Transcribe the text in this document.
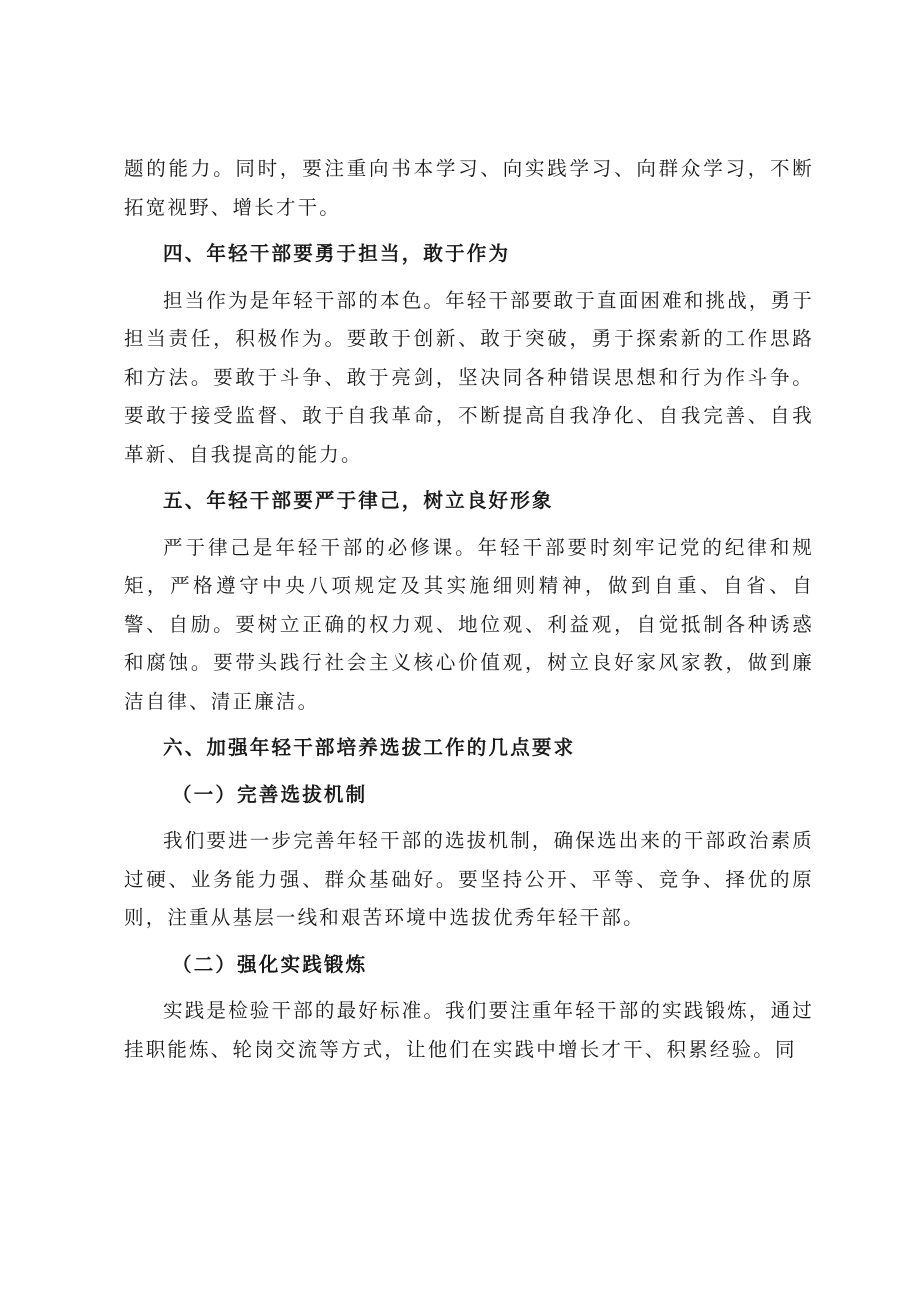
题的能力。同时，要注重向书本学习、向实践学习、向群众学习，不断拓宽视野、增长才干。

四、年轻干部要勇于担当，敢于作为

担当作为是年轻干部的本色。年轻干部要敢于直面困难和挑战，勇于担当责任，积极作为。要敢于创新、敢于突破，勇于探索新的工作思路和方法。要敢于斗争、敢于亮剑，坚决同各种错误思想和行为作斗争。要敢于接受监督、敢于自我革命，不断提高自我净化、自我完善、自我革新、自我提高的能力。

五、年轻干部要严于律己，树立良好形象

严于律己是年轻干部的必修课。年轻干部要时刻牢记党的纪律和规矩，严格遵守中央八项规定及其实施细则精神，做到自重、自省、自警、自励。要树立正确的权力观、地位观、利益观，自觉抵制各种诱惑和腐蚀。要带头践行社会主义核心价值观，树立良好家风家教，做到廉洁自律、清正廉洁。

六、加强年轻干部培养选拔工作的几点要求

（一）完善选拔机制

我们要进一步完善年轻干部的选拔机制，确保选出来的干部政治素质过硬、业务能力强、群众基础好。要坚持公开、平等、竞争、择优的原则，注重从基层一线和艰苦环境中选拔优秀年轻干部。

（二）强化实践锻炼

实践是检验干部的最好标准。我们要注重年轻干部的实践锻炼，通过挂职能炼、轮岗交流等方式，让他们在实践中增长才干、积累经验。同
